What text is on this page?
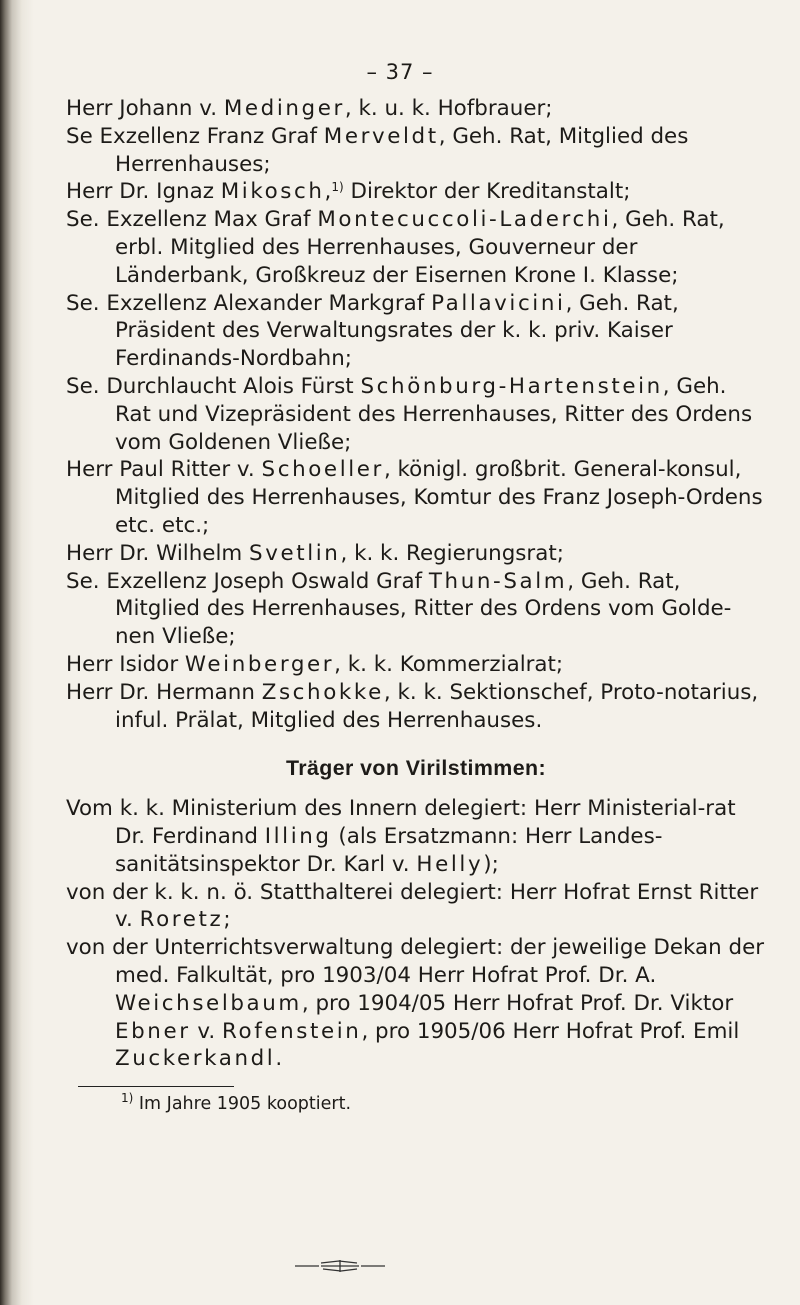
– 37 –
Herr Johann v. Medinger, k. u. k. Hofbrauer;
Se Exzellenz Franz Graf Merveldt, Geh. Rat, Mitglied des Herrenhauses;
Herr Dr. Ignaz Mikosch,$^{1)}$ Direktor der Kreditanstalt;
Se. Exzellenz Max Graf Montecuccoli-Laderchi, Geh. Rat, erbl. Mitglied des Herrenhauses, Gouverneur der Länderbank, Großkreuz der Eisernen Krone I. Klasse;
Se. Exzellenz Alexander Markgraf Pallavicini, Geh. Rat, Präsident des Verwaltungsrates der k. k. priv. Kaiser Ferdinands-Nordbahn;
Se. Durchlaucht Alois Fürst Schönburg-Hartenstein, Geh. Rat und Vizepräsident des Herrenhauses, Ritter des Ordens vom Goldenen Vließe;
Herr Paul Ritter v. Schoeller, königl. großbrit. General-konsul, Mitglied des Herrenhauses, Komtur des Franz Joseph-Ordens etc. etc.;
Herr Dr. Wilhelm Svetlin, k. k. Regierungsrat;
Se. Exzellenz Joseph Oswald Graf Thun-Salm, Geh. Rat, Mitglied des Herrenhauses, Ritter des Ordens vom Golde-nen Vließe;
Herr Isidor Weinberger, k. k. Kommerzialrat;
Herr Dr. Hermann Zschokke, k. k. Sektionschef, Proto-notarius, inful. Prälat, Mitglied des Herrenhauses.
Träger von Virilstimmen:
Vom k. k. Ministerium des Innern delegiert: Herr Ministerial-rat Dr. Ferdinand Illing (als Ersatzmann: Herr Landes-sanitätsinspektor Dr. Karl v. Helly);
von der k. k. n. ö. Statthalterei delegiert: Herr Hofrat Ernst Ritter v. Roretz;
von der Unterrichtsverwaltung delegiert: der jeweilige Dekan der med. Falkultät, pro 1903/04 Herr Hofrat Prof. Dr. A. Weichselbaum, pro 1904/05 Herr Hofrat Prof. Dr. Viktor Ebner v. Rofenstein, pro 1905/06 Herr Hofrat Prof. Emil Zuckerkandl.
$^{1)}$ Im Jahre 1905 kooptiert.
